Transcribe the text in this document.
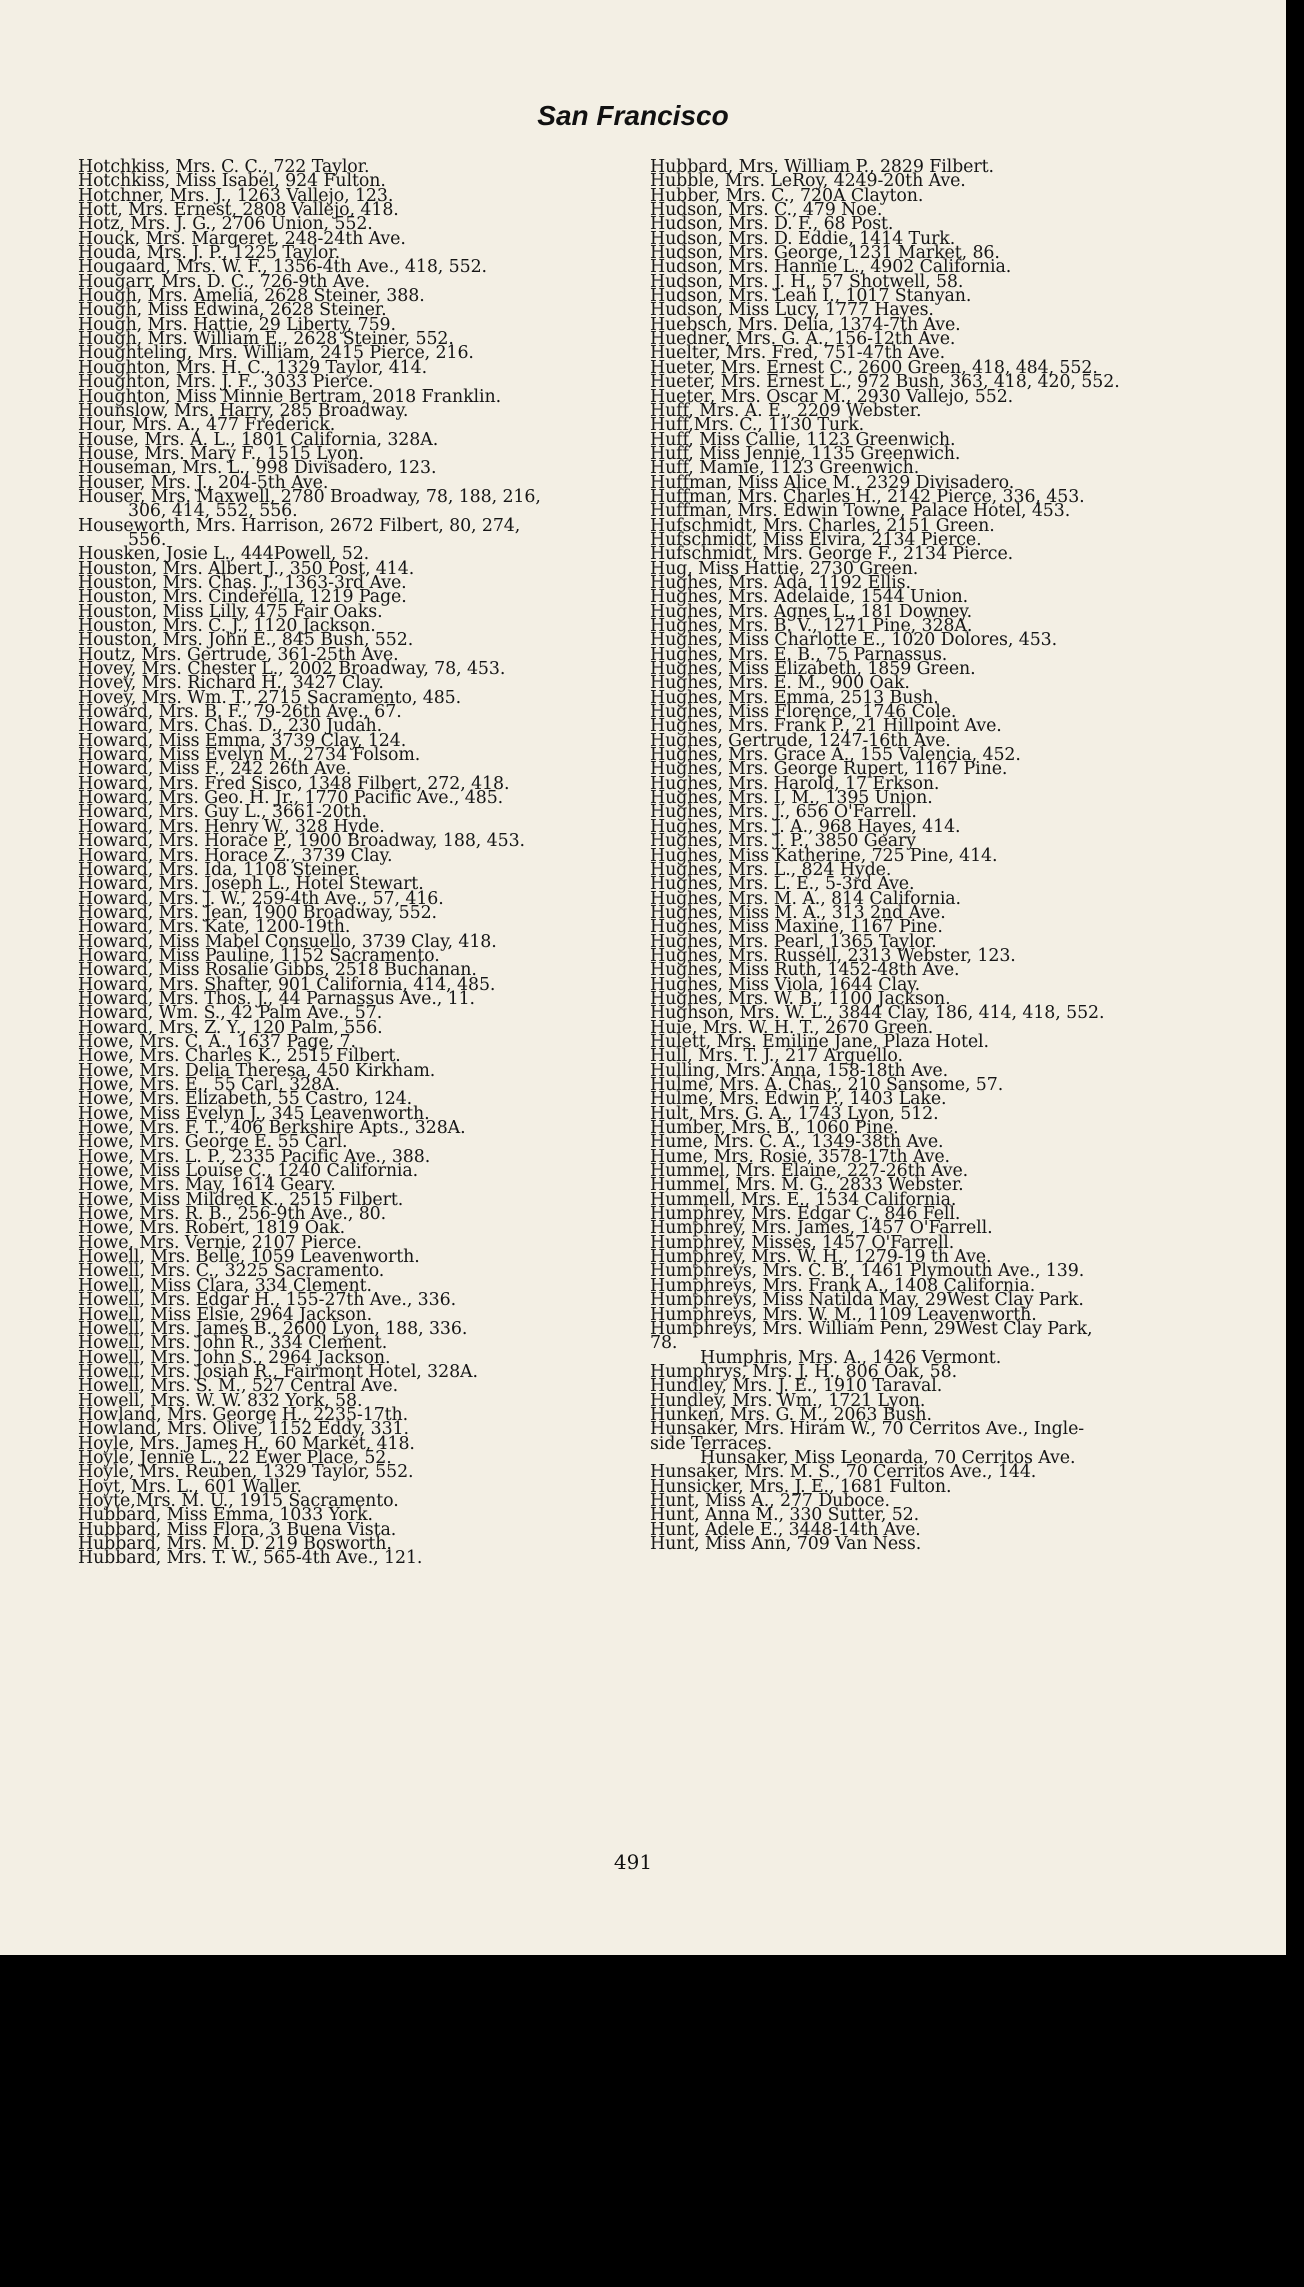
San Francisco
Hotchkiss, Mrs. C. C., 722 Taylor.
Hotchkiss, Miss Isabel, 924 Fulton.
Hotchner, Mrs. J., 1263 Vallejo, 123.
Hott, Mrs. Ernest, 2808 Vallejo, 418.
Hotz, Mrs. J. G., 2706 Union, 552.
Houck, Mrs. Margeret, 248-24th Ave.
Houda, Mrs. J. P., 1225 Taylor.
Hougaard, Mrs. W. F., 1356-4th Ave., 418, 552.
Hougarr, Mrs. D. C., 726-9th Ave.
Hough, Mrs. Amelia, 2628 Steiner, 388.
Hough, Miss Edwina, 2628 Steiner.
Hough, Mrs. Hattie, 29 Liberty, 759.
Hough, Mrs. William E., 2628 Steiner, 552.
Houghteling, Mrs. William, 2415 Pierce, 216.
Houghton, Mrs. H. C., 1329 Taylor, 414.
Houghton, Mrs. J. F., 3033 Pierce.
Houghton, Miss Minnie Bertram, 2018 Franklin.
Hounslow, Mrs. Harry, 285 Broadway.
Hour, Mrs. A., 477 Frederick.
House, Mrs. A. L., 1801 California, 328A.
House, Mrs. Mary F., 1515 Lyon.
Houseman, Mrs. L., 998 Divisadero, 123.
Houser, Mrs. J., 204-5th Ave.
Houser, Mrs. Maxwell, 2780 Broadway, 78, 188, 216,
306, 414, 552, 556.
Houseworth, Mrs. Harrison, 2672 Filbert, 80, 274,
556.
Housken, Josie L., 444Powell, 52.
Houston, Mrs. Albert J., 350 Post, 414.
Houston, Mrs. Chas. J., 1363-3rd Ave.
Houston, Mrs. Cinderella, 1219 Page.
Houston, Miss Lilly, 475 Fair Oaks.
Houston, Mrs. C. J., 1120 Jackson.
Houston, Mrs. John E., 845 Bush, 552.
Houtz, Mrs. Gertrude, 361-25th Ave.
Hovey, Mrs. Chester L., 2002 Broadway, 78, 453.
Hovey, Mrs. Richard H., 3427 Clay.
Hovey, Mrs. Wm. T., 2715 Sacramento, 485.
Howard, Mrs. B. F., 79-26th Ave., 67.
Howard, Mrs. Chas. D., 230 Judah.
Howard, Miss Emma, 3739 Clay, 124.
Howard, Miss Evelyn M., 2734 Folsom.
Howard, Miss F., 242 26th Ave.
Howard, Mrs. Fred Sisco, 1348 Filbert, 272, 418.
Howard, Mrs. Geo. H. Jr., 1770 Pacific Ave., 485.
Howard, Mrs. Guy L., 3661-20th.
Howard, Mrs. Henry W., 328 Hyde.
Howard, Mrs. Horace P., 1900 Broadway, 188, 453.
Howard, Mrs. Horace Z., 3739 Clay.
Howard, Mrs. Ida, 1108 Steiner.
Howard, Mrs. Joseph L., Hotel Stewart.
Howard, Mrs. J. W., 259-4th Ave., 57, 416.
Howard, Mrs. Jean, 1900 Broadway, 552.
Howard, Mrs. Kate, 1200-19th.
Howard, Miss Mabel Consuello, 3739 Clay, 418.
Howard, Miss Pauline, 1152 Sacramento.
Howard, Miss Rosalie Gibbs, 2518 Buchanan.
Howard, Mrs. Shafter, 901 California, 414, 485.
Howard, Mrs. Thos. J., 44 Parnassus Ave., 11.
Howard, Wm. S., 42 Palm Ave., 57.
Howard, Mrs. Z. Y., 120 Palm, 556.
Howe, Mrs. C. A., 1637 Page, 7.
Howe, Mrs. Charles K., 2515 Filbert.
Howe, Mrs. Delia Theresa, 450 Kirkham.
Howe, Mrs. E., 55 Carl, 328A.
Howe, Mrs. Elizabeth, 55 Castro, 124.
Howe, Miss Evelyn J., 345 Leavenworth.
Howe, Mrs. F. T., 406 Berkshire Apts., 328A.
Howe, Mrs. George E. 55 Carl.
Howe, Mrs. L. P., 2335 Pacific Ave., 388.
Howe, Miss Louise C., 1240 California.
Howe, Mrs. May, 1614 Geary.
Howe, Miss Mildred K., 2515 Filbert.
Howe, Mrs. R. B., 256-9th Ave., 80.
Howe, Mrs. Robert, 1819 Oak.
Howe, Mrs. Vernie, 2107 Pierce.
Howell, Mrs. Belle, 1059 Leavenworth.
Howell, Mrs. C., 3225 Sacramento.
Howell, Miss Clara, 334 Clement.
Howell, Mrs. Edgar H., 155-27th Ave., 336.
Howell, Miss Elsie, 2964 Jackson.
Howell, Mrs. James B., 2600 Lyon, 188, 336.
Howell, Mrs. John R., 334 Clement.
Howell, Mrs. John S., 2964 Jackson.
Howell, Mrs. Josiah R., Fairmont Hotel, 328A.
Howell, Mrs. S. M., 527 Central Ave.
Howell, Mrs. W. W. 832 York, 58.
Howland, Mrs. George H., 2235-17th.
Howland, Mrs. Olive, 1152 Eddy, 331.
Hoyle, Mrs. James H., 60 Market, 418.
Hoyle, Jennie L., 22 Ewer Place, 52.
Hoyle, Mrs. Reuben, 1329 Taylor, 552.
Hoyt, Mrs. L., 601 Waller.
Hoyte,Mrs. M. U., 1915 Sacramento.
Hubbard, Miss Emma, 1033 York.
Hubbard, Miss Flora, 3 Buena Vista.
Hubbard, Mrs. M. D. 219 Bosworth.
Hubbard, Mrs. T. W., 565-4th Ave., 121.
Hubbard, Mrs. William P., 2829 Filbert.
Hubble, Mrs. LeRoy, 4249-20th Ave.
Hubber, Mrs. C., 720A Clayton.
Hudson, Mrs. C., 479 Noe.
Hudson, Mrs. D. F., 68 Post.
Hudson, Mrs. D. Eddie, 1414 Turk.
Hudson, Mrs. George, 1231 Market, 86.
Hudson, Mrs. Hannie L., 4902 California.
Hudson, Mrs. J. H., 57 Shotwell, 58.
Hudson, Mrs. Leah I., 1017 Stanyan.
Hudson, Miss Lucy, 1777 Hayes.
Huebsch, Mrs. Delia, 1374-7th Ave.
Huedner, Mrs. G. A., 156-12th Ave.
Huelter, Mrs. Fred, 751-47th Ave.
Hueter, Mrs. Ernest C., 2600 Green, 418, 484, 552.
Hueter, Mrs. Ernest L., 972 Bush, 363, 418, 420, 552.
Hueter, Mrs. Oscar M., 2930 Vallejo, 552.
Huff, Mrs. A. E., 2209 Webster.
Huff,Mrs. C., 1130 Turk.
Huff, Miss Callie, 1123 Greenwich.
Huff, Miss Jennie, 1135 Greenwich.
Huff, Mamie, 1123 Greenwich.
Huffman, Miss Alice M., 2329 Divisadero.
Huffman, Mrs. Charles H., 2142 Pierce, 336, 453.
Huffman, Mrs. Edwin Towne, Palace Hotel, 453.
Hufschmidt, Mrs. Charles, 2151 Green.
Hufschmidt, Miss Elvira, 2134 Pierce.
Hufschmidt, Mrs. George F., 2134 Pierce.
Hug, Miss Hattie, 2730 Green.
Hughes, Mrs. Ada, 1192 Ellis.
Hughes, Mrs. Adelaide, 1544 Union.
Hughes, Mrs. Agnes L., 181 Downey.
Hughes, Mrs. B. V., 1271 Pine, 328A.
Hughes, Miss Charlotte E., 1020 Dolores, 453.
Hughes, Mrs. E. B., 75 Parnassus.
Hughes, Miss Elizabeth, 1859 Green.
Hughes, Mrs. E. M., 900 Oak.
Hughes, Mrs. Emma, 2513 Bush.
Hughes, Miss Florence, 1746 Cole.
Hughes, Mrs. Frank P., 21 Hillpoint Ave.
Hughes, Gertrude, 1247-16th Ave.
Hughes, Mrs. Grace A., 155 Valencia, 452.
Hughes, Mrs. George Rupert, 1167 Pine.
Hughes, Mrs. Harold, 17 Erkson.
Hughes, Mrs. I, M., 1395 Union.
Hughes, Mrs. J., 656 O'Farrell.
Hughes, Mrs. J. A., 968 Hayes, 414.
Hughes, Mrs. J. P., 3850 Geary
Hughes, Miss Katherine, 725 Pine, 414.
Hughes, Mrs. L., 824 Hyde.
Hughes, Mrs. L. E., 5-3rd Ave.
Hughes, Mrs. M. A., 814 California.
Hughes, Miss M. A., 313 2nd Ave.
Hughes, Miss Maxine, 1167 Pine.
Hughes, Mrs. Pearl, 1365 Taylor.
Hughes, Mrs. Russell, 2313 Webster, 123.
Hughes, Miss Ruth, 1452-48th Ave.
Hughes, Miss Viola, 1644 Clay.
Hughes, Mrs. W. B., 1100 Jackson.
Hughson, Mrs. W. L., 3844 Clay, 186, 414, 418, 552.
Huie, Mrs. W. H. T., 2670 Green.
Hulett, Mrs. Emiline Jane, Plaza Hotel.
Hull, Mrs. T. J., 217 Arguello.
Hulling, Mrs. Anna, 158-18th Ave.
Hulme, Mrs. A. Chas., 210 Sansome, 57.
Hulme, Mrs. Edwin P., 1403 Lake.
Hult, Mrs. G. A., 1743 Lyon, 512.
Humber, Mrs. B., 1060 Pine.
Hume, Mrs. C. A., 1349-38th Ave.
Hume, Mrs. Rosie, 3578-17th Ave.
Hummel, Mrs. Elaine, 227-26th Ave.
Hummel, Mrs. M. G., 2833 Webster.
Hummell, Mrs. E., 1534 California.
Humphrey, Mrs. Edgar C., 846 Fell.
Humphrey, Mrs. James, 1457 O'Farrell.
Humphrey, Misses, 1457 O'Farrell.
Humphrey, Mrs. W. H., 1279-19 th Ave.
Humphreys, Mrs. C. B., 1461 Plymouth Ave., 139.
Humphreys, Mrs. Frank A., 1408 California.
Humphreys, Miss Natilda May, 29West Clay Park.
Humphreys, Mrs. W. M., 1109 Leavenworth.
Humphreys, Mrs. William Penn, 29West Clay Park,
78.
Humphris, Mrs. A., 1426 Vermont.
Humphrys, Mrs. J. H., 806 Oak, 58.
Hundley, Mrs. J. E., 1910 Taraval.
Hundley, Mrs. Wm., 1721 Lyon.
Hunken, Mrs. G. M., 2063 Bush.
Hunsaker, Mrs. Hiram W., 70 Cerritos Ave., Ingle-
side Terraces.
Hunsaker, Miss Leonarda, 70 Cerritos Ave.
Hunsaker, Mrs. M. S., 70 Cerritos Ave., 144.
Hunsicker, Mrs. J. E., 1681 Fulton.
Hunt, Miss A., 277 Duboce.
Hunt, Anna M., 330 Sutter, 52.
Hunt, Adele E., 3448-14th Ave.
Hunt, Miss Ann, 709 Van Ness.
491
